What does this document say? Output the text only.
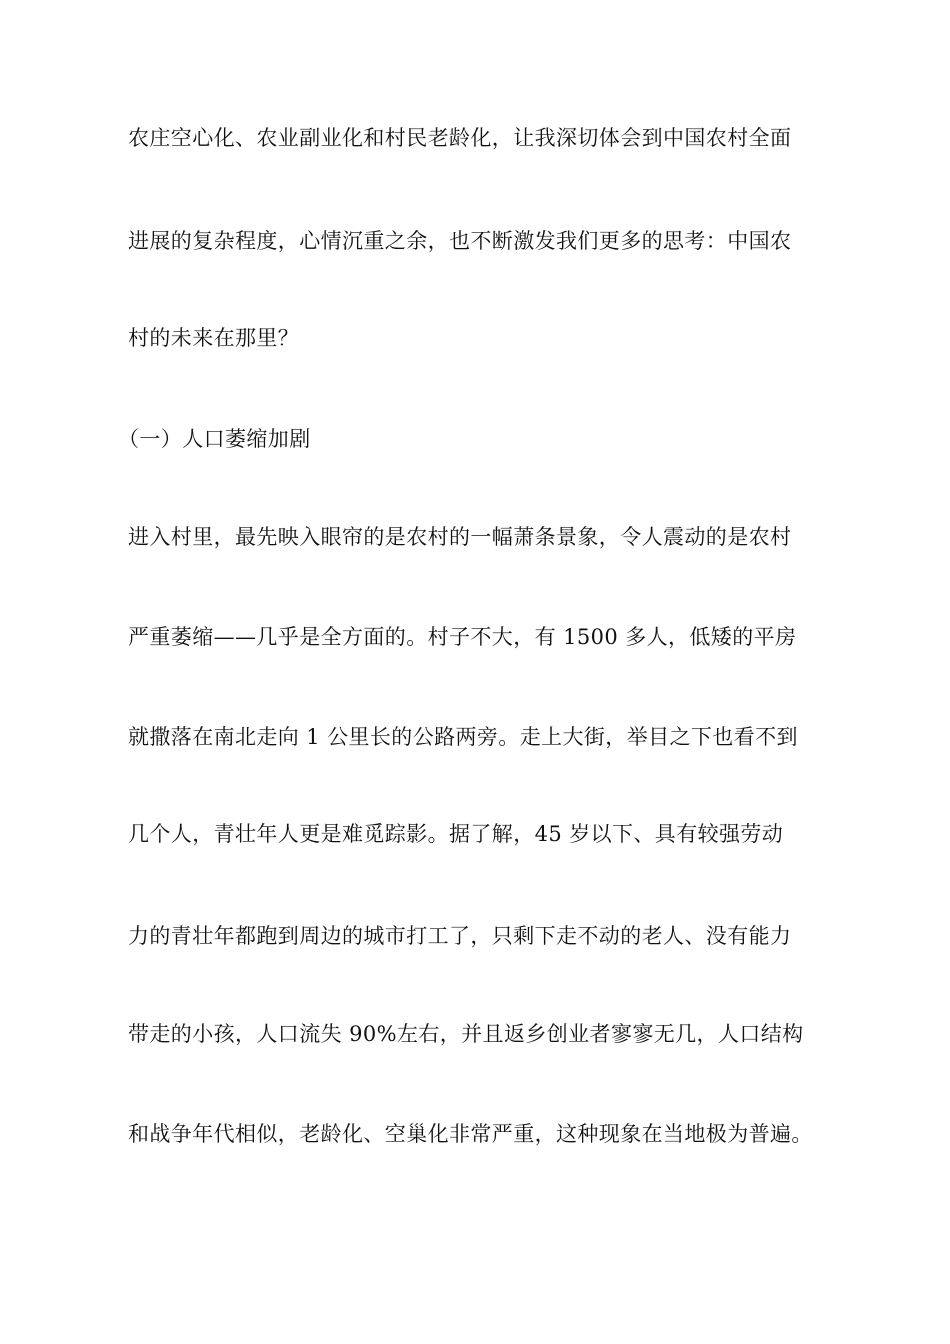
农庄空心化、农业副业化和村民老龄化，让我深切体会到中国农村全面
进展的复杂程度，心情沉重之余，也不断激发我们更多的思考：中国农
村的未来在那里？
（一）人口萎缩加剧
进入村里，最先映入眼帘的是农村的一幅萧条景象，令人震动的是农村
严重萎缩——几乎是全方面的。村子不大，有 1500 多人，低矮的平房
就撒落在南北走向 1 公里长的公路两旁。走上大街，举目之下也看不到
几个人，青壮年人更是难觅踪影。据了解，45 岁以下、具有较强劳动
力的青壮年都跑到周边的城市打工了，只剩下走不动的老人、没有能力
带走的小孩，人口流失 90%左右，并且返乡创业者寥寥无几，人口结构
和战争年代相似，老龄化、空巢化非常严重，这种现象在当地极为普遍。
